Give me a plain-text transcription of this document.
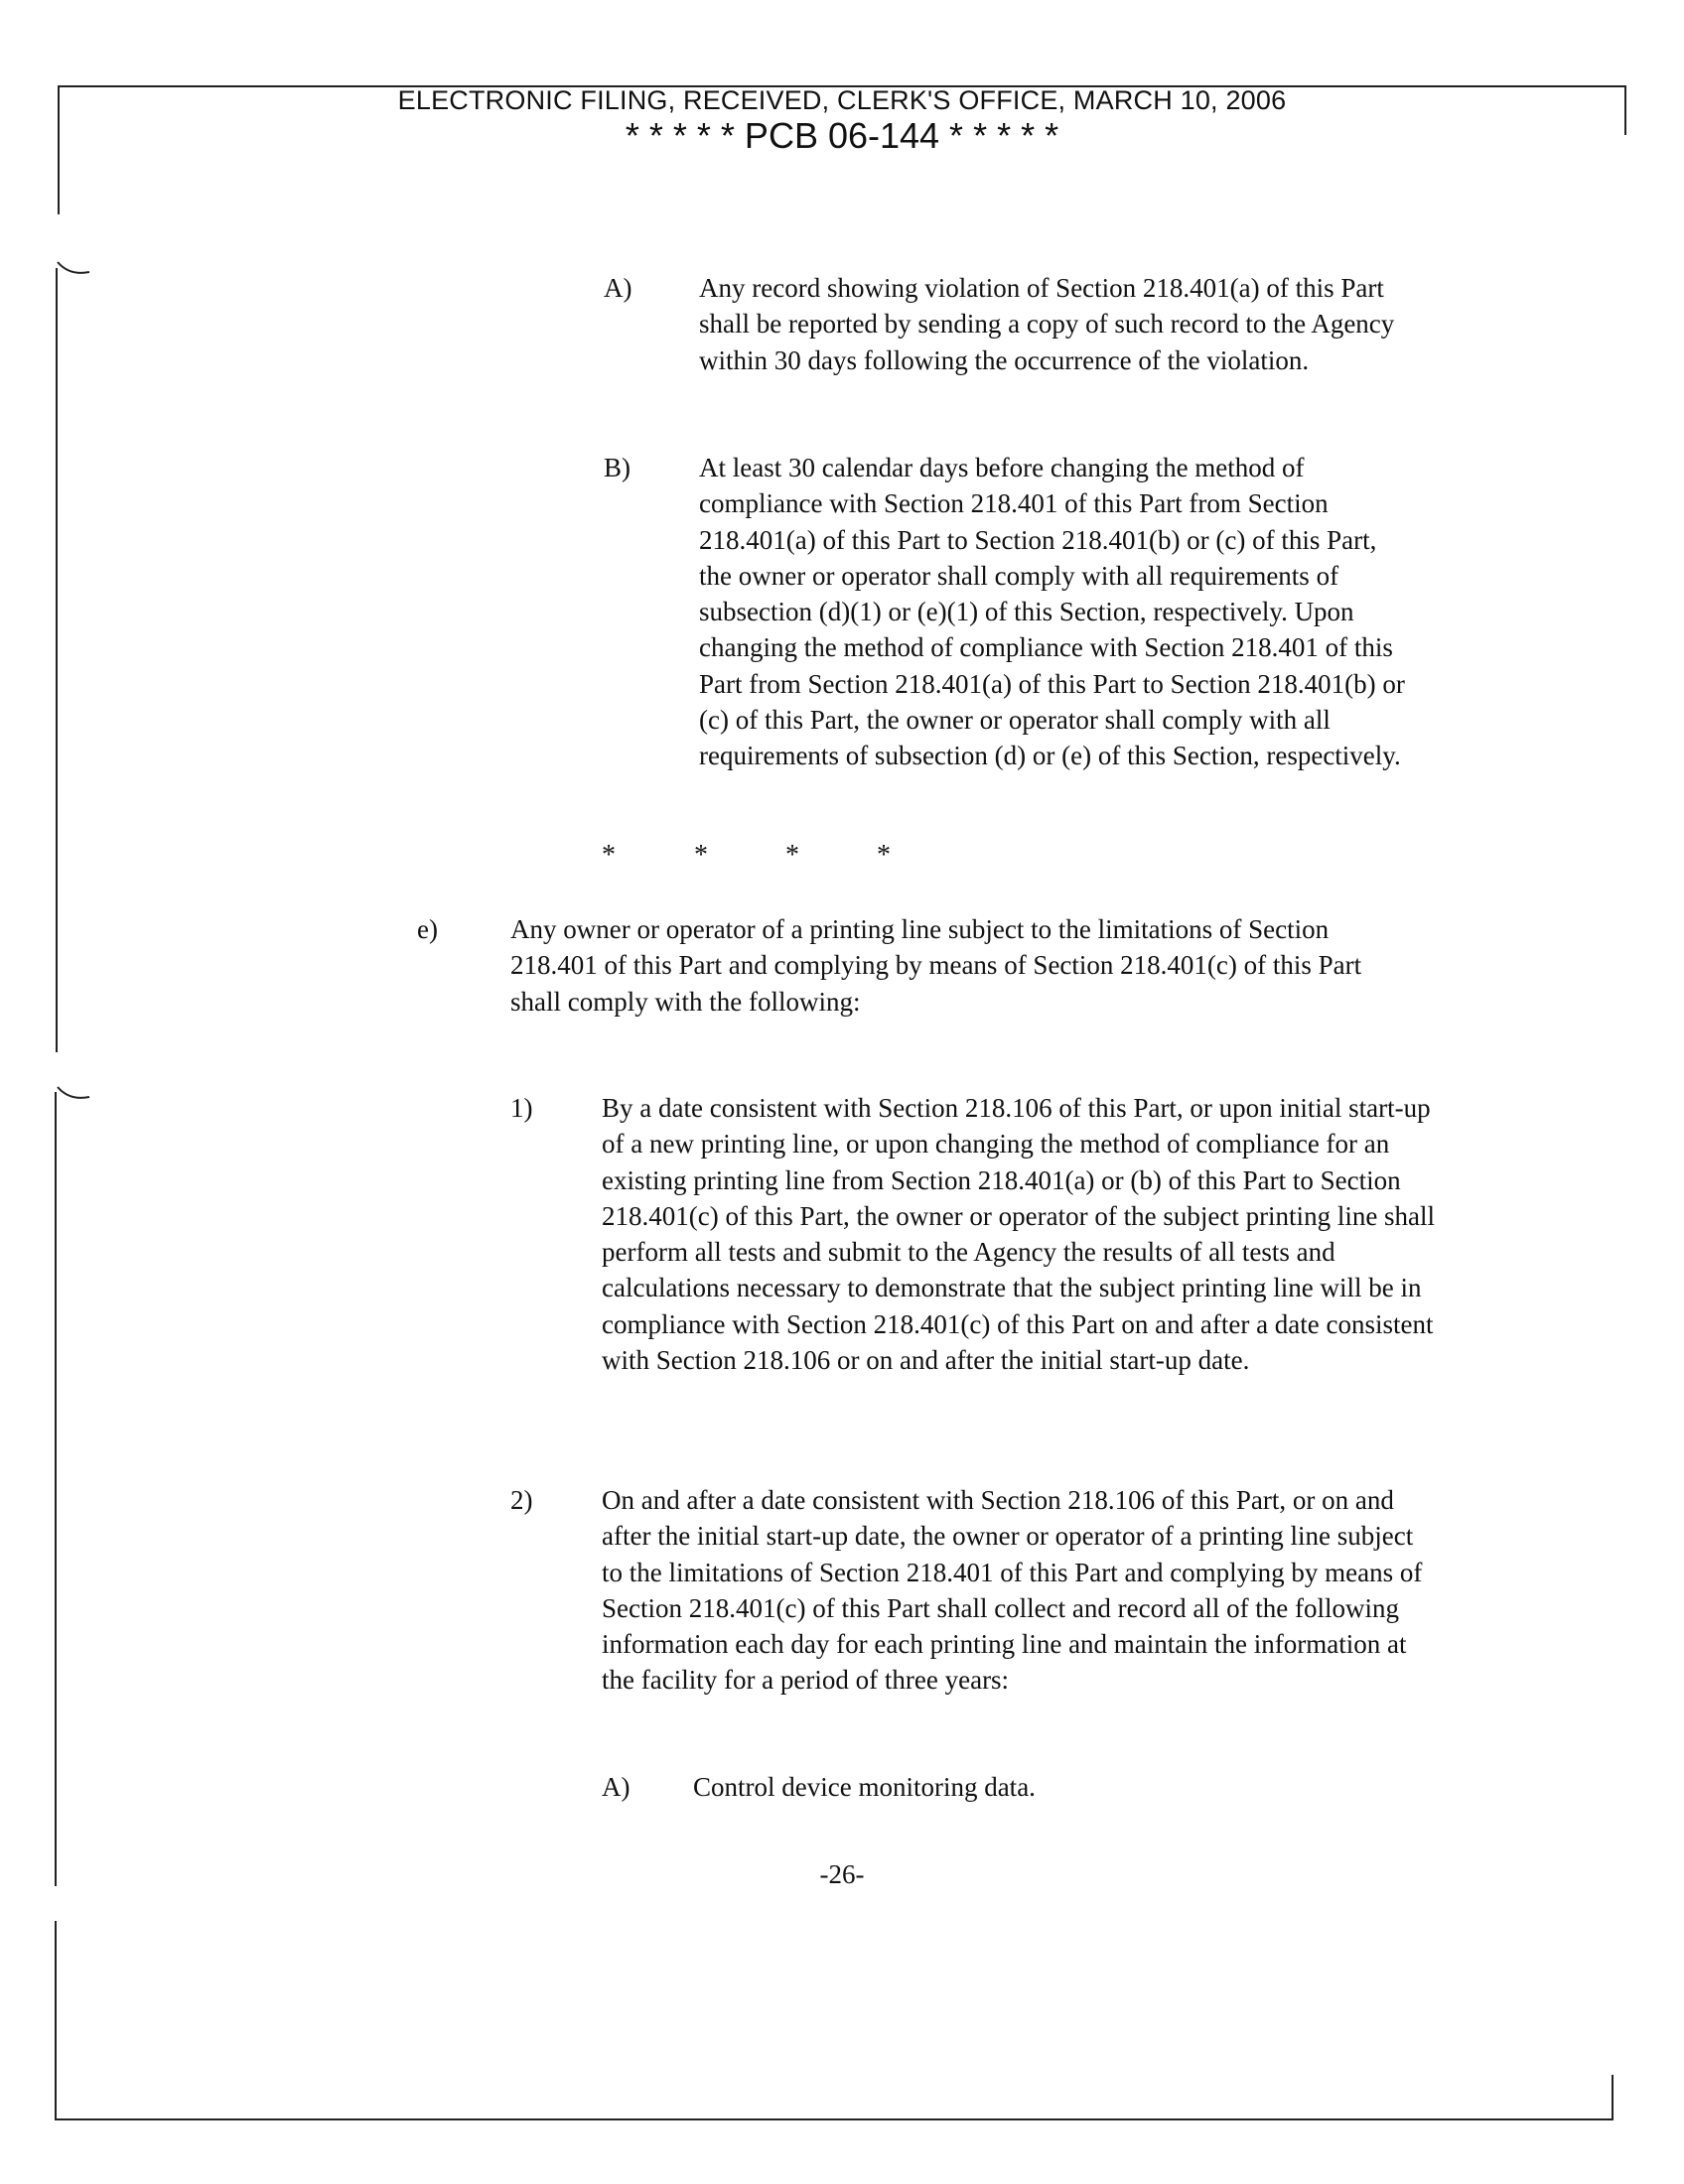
ELECTRONIC FILING, RECEIVED, CLERK'S OFFICE, MARCH 10, 2006
* * * * * PCB 06-144 * * * * *
A)	Any record showing violation of Section 218.401(a) of this Part shall be reported by sending a copy of such record to the Agency within 30 days following the occurrence of the violation.
B)	At least 30 calendar days before changing the method of compliance with Section 218.401 of this Part from Section 218.401(a) of this Part to Section 218.401(b) or (c) of this Part, the owner or operator shall comply with all requirements of subsection (d)(1) or (e)(1) of this Section, respectively. Upon changing the method of compliance with Section 218.401 of this Part from Section 218.401(a) of this Part to Section 218.401(b) or (c) of this Part, the owner or operator shall comply with all requirements of subsection (d) or (e) of this Section, respectively.
*	*	*	*
e)	Any owner or operator of a printing line subject to the limitations of Section 218.401 of this Part and complying by means of Section 218.401(c) of this Part shall comply with the following:
1)	By a date consistent with Section 218.106 of this Part, or upon initial start-up of a new printing line, or upon changing the method of compliance for an existing printing line from Section 218.401(a) or (b) of this Part to Section 218.401(c) of this Part, the owner or operator of the subject printing line shall perform all tests and submit to the Agency the results of all tests and calculations necessary to demonstrate that the subject printing line will be in compliance with Section 218.401(c) of this Part on and after a date consistent with Section 218.106 or on and after the initial start-up date.
2)	On and after a date consistent with Section 218.106 of this Part, or on and after the initial start-up date, the owner or operator of a printing line subject to the limitations of Section 218.401 of this Part and complying by means of Section 218.401(c) of this Part shall collect and record all of the following information each day for each printing line and maintain the information at the facility for a period of three years:
A) Control device monitoring data.
-26-
